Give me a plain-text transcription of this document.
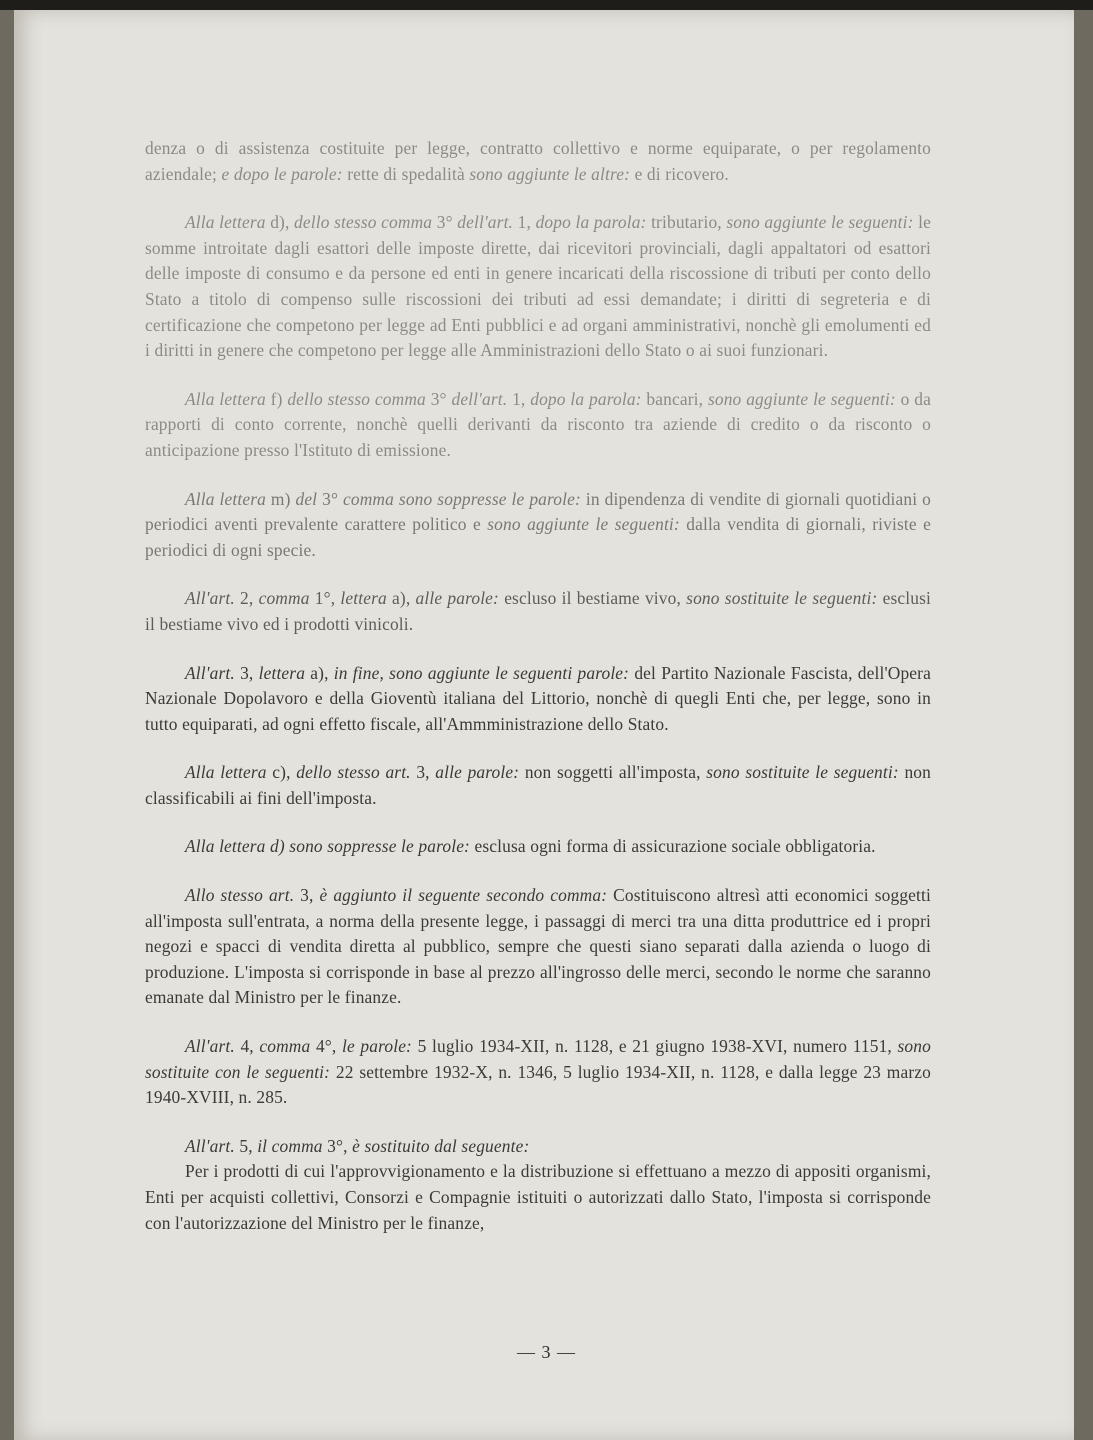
denza o di assistenza costituite per legge, contratto collettivo e norme equiparate, o per regolamento aziendale; e dopo le parole: rette di spedalità sono aggiunte le altre: e di ricovero.

Alla lettera d), dello stesso comma 3° dell'art. 1, dopo la parola: tributario, sono aggiunte le seguenti: le somme introitate dagli esattori delle imposte dirette, dai ricevitori provinciali, dagli appaltatori od esattori delle imposte di consumo e da persone ed enti in genere incaricati della riscossione di tributi per conto dello Stato a titolo di compenso sulle riscossioni dei tributi ad essi demandate; i diritti di segreteria e di certificazione che competono per legge ad Enti pubblici e ad organi amministrativi, nonchè gli emolumenti ed i diritti in genere che competono per legge alle Amministrazioni dello Stato o ai suoi funzionari.

Alla lettera f) dello stesso comma 3° dell'art. 1, dopo la parola: bancari, sono aggiunte le seguenti: o da rapporti di conto corrente, nonchè quelli derivanti da risconto tra aziende di credito o da risconto o anticipazione presso l'Istituto di emissione.

Alla lettera m) del 3° comma sono soppresse le parole: in dipendenza di vendite di giornali quotidiani o periodici aventi prevalente carattere politico e sono aggiunte le seguenti: dalla vendita di giornali, riviste e periodici di ogni specie.

All'art. 2, comma 1°, lettera a), alle parole: escluso il bestiame vivo, sono sostituite le seguenti: esclusi il bestiame vivo ed i prodotti vinicoli.

All'art. 3, lettera a), in fine, sono aggiunte le seguenti parole: del Partito Nazionale Fascista, dell'Opera Nazionale Dopolavoro e della Gioventù italiana del Littorio, nonchè di quegli Enti che, per legge, sono in tutto equiparati, ad ogni effetto fiscale, all'Ammministrazione dello Stato.

Alla lettera c), dello stesso art. 3, alle parole: non soggetti all'imposta, sono sostituite le seguenti: non classificabili ai fini dell'imposta.

Alla lettera d) sono soppresse le parole: esclusa ogni forma di assicurazione sociale obbligatoria.

Allo stesso art. 3, è aggiunto il seguente secondo comma: Costituiscono altresì atti economici soggetti all'imposta sull'entrata, a norma della presente legge, i passaggi di merci tra una ditta produttrice ed i propri negozi e spacci di vendita diretta al pubblico, sempre che questi siano separati dalla azienda o luogo di produzione. L'imposta si corrisponde in base al prezzo all'ingrosso delle merci, secondo le norme che saranno emanate dal Ministro per le finanze.

All'art. 4, comma 4°, le parole: 5 luglio 1934-XII, n. 1128, e 21 giugno 1938-XVI, numero 1151, sono sostituite con le seguenti: 22 settembre 1932-X, n. 1346, 5 luglio 1934-XII, n. 1128, e dalla legge 23 marzo 1940-XVIII, n. 285.

All'art. 5, il comma 3°, è sostituito dal seguente:

Per i prodotti di cui l'approvvigionamento e la distribuzione si effettuano a mezzo di appositi organismi, Enti per acquisti collettivi, Consorzi e Compagnie istituiti o autorizzati dallo Stato, l'imposta si corrisponde con l'autorizzazione del Ministro per le finanze,

— 3 —
